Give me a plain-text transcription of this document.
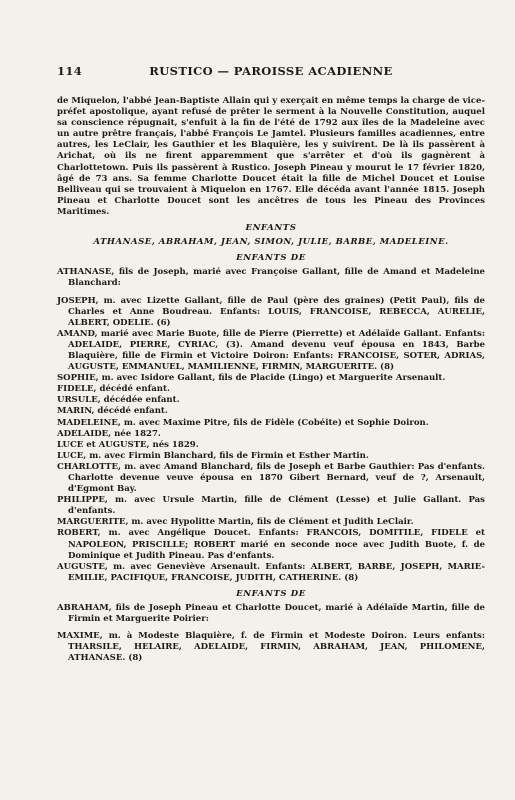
114	RUSTICO — PAROISSE ACADIENNE

de Miquelon, l'abbé Jean-Baptiste Allain qui y exerçait en même temps la charge de vice-préfet apostolique, ayant refusé de prêter le serment à la Nouvelle Constitution, auquel sa conscience répugnait, s'enfuit à la fin de l'été de 1792 aux îles de la Madeleine avec un autre prêtre français, l'abbé François Le Jamtel. Plusieurs familles acadiennes, entre autres, les LeClair, les Gauthier et les Blaquière, les y suivirent. De là ils passèrent à Arichat, où ils ne firent apparemment que s'arrêter et d'où ils gagnèrent à Charlottetown. Puis ils passèrent à Rustico. Joseph Pineau y mourut le 17 février 1820, âgé de 73 ans. Sa femme Charlotte Doucet était la fille de Michel Doucet et Louise Belliveau qui se trouvaient à Miquelon en 1767. Elle décéda avant l'année 1815. Joseph Pineau et Charlotte Doucet sont les ancêtres de tous les Pineau des Provinces Maritimes.

ENFANTS
ATHANASE, ABRAHAM, JEAN, SIMON, JULIE, BARBE, MADELEINE.
ENFANTS DE

ATHANASE, fils de Joseph, marié avec Françoise Gallant, fille de Amand et Madeleine Blanchard:

JOSEPH, m. avec Lizette Gallant, fille de Paul (père des graines) (Petit Paul), fils de Charles et Anne Boudreau. Enfants: LOUIS, FRANCOISE, REBECCA, AURELIE, ALBERT, ODELIE. (6)

AMAND, marié avec Marie Buote, fille de Pierre (Pierrette) et Adélaïde Gallant. Enfants: ADELAIDE, PIERRE, CYRIAC, (3). Amand devenu veuf épousa en 1843, Barbe Blaquière, fille de Firmin et Victoire Doiron: Enfants: FRANCOISE, SOTER, ADRIAS, AUGUSTE, EMMANUEL, MAMILIENNE, FIRMIN, MARGUERITE. (8)

SOPHIE, m. avec Isidore Gallant, fils de Placide (Lingo) et Marguerite Arsenault.

FIDELE, décédé enfant.

URSULE, décédée enfant.

MARIN, décédé enfant.

MADELEINE, m. avec Maxime Pitre, fils de Fidèle (Cobéite) et Sophie Doiron.

ADELAIDE, née 1827.

LUCE et AUGUSTE, nés 1829.

LUCE, m. avec Firmin Blanchard, fils de Firmin et Esther Martin.

CHARLOTTE, m. avec Amand Blanchard, fils de Joseph et Barbe Gauthier: Pas d'enfants. Charlotte devenue veuve épousa en 1870 Gibert Bernard, veuf de ?, Arsenault, d'Egmont Bay.

PHILIPPE, m. avec Ursule Martin, fille de Clément (Lesse) et Julie Gallant. Pas d'enfants.

MARGUERITE, m. avec Hypolitte Martin, fils de Clément et Judith LeClair.

ROBERT, m. avec Angélique Doucet. Enfants: FRANCOIS, DOMITILE, FIDELE et NAPOLEON, PRISCILLE; ROBERT marié en seconde noce avec Judith Buote, f. de Dominique et Judith Pineau. Pas d'enfants.

AUGUSTE, m. avec Geneviève Arsenault. Enfants: ALBERT, BARBE, JOSEPH, MARIE-EMILIE, PACIFIQUE, FRANCOISE, JUDITH, CATHERINE. (8)

ENFANTS DE

ABRAHAM, fils de Joseph Pineau et Charlotte Doucet, marié à Adélaïde Martin, fille de Firmin et Marguerite Poirier:

MAXIME, m. à Modeste Blaquière, f. de Firmin et Modeste Doiron. Leurs enfants: THARSILE, HELAIRE, ADELAIDE, FIRMIN, ABRAHAM, JEAN, PHILOMENE, ATHANASE. (8)
